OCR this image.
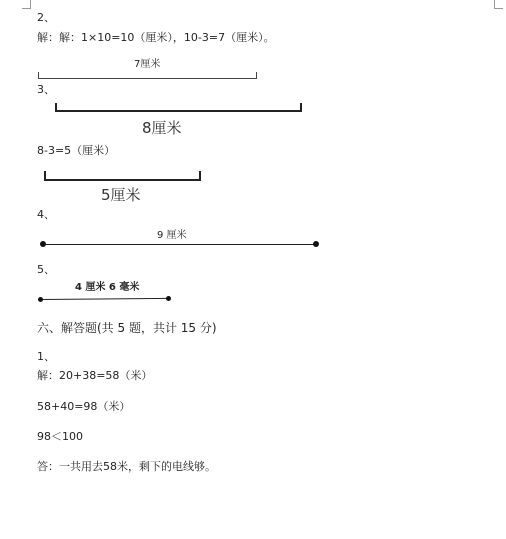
2、
解：解：1×10=10（厘米），10-3=7（厘米）。
7厘米
3、
8厘米
8-3=5（厘米）
5厘米
4、
9 厘米
5、
4 厘米 6 毫米
六、解答题(共 5 题，共计 15 分)
1、
解：20+38=58（米）
58+40=98（米）
98＜100
答：一共用去58米，剩下的电线够。
